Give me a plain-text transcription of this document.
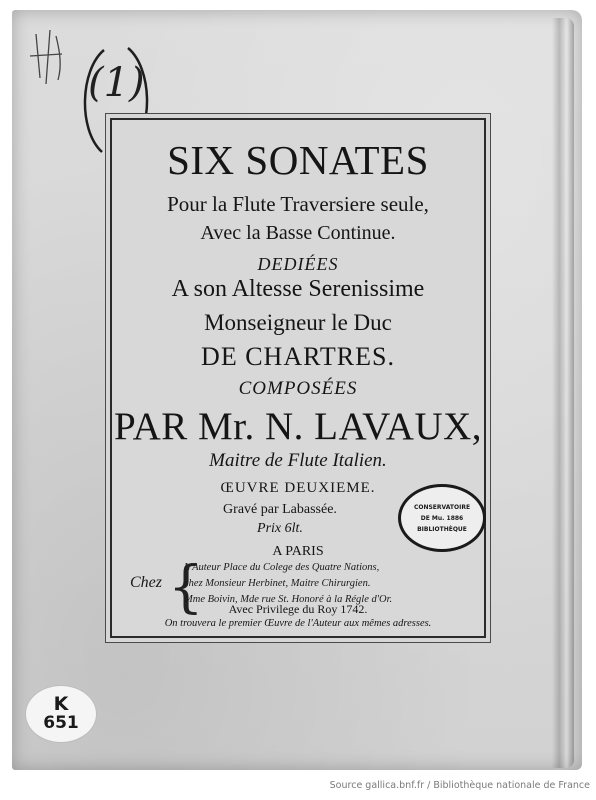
(1)
SIX SONATES
Pour la Flute Traversiere seule,
Avec la Basse Continue.
DEDIÉES
A son Altesse Serenissime
Monseigneur le Duc
DE CHARTRES.
COMPOSÉES
PAR Mr. N. LAVAUX,
Maitre de Flute Italien.
ŒUVRE DEUXIEME.
Gravé par Labassée.
Prix 6lt.
A PARIS
Chez {
L'Auteur Place du Colege des Quatre Nations,
chez Monsieur Herbinet, Maitre Chirurgien.
Mme Boivin, Mde rue St. Honoré à la Régle d'Or.
Avec Privilege du Roy 1742.
On trouvera le premier Œuvre de l'Auteur aux mêmes adresses.
CONSERVATOIRE
DE Mu. 1886
BIBLIOTHÈQUE
K
651
Source gallica.bnf.fr / Bibliothèque nationale de France
